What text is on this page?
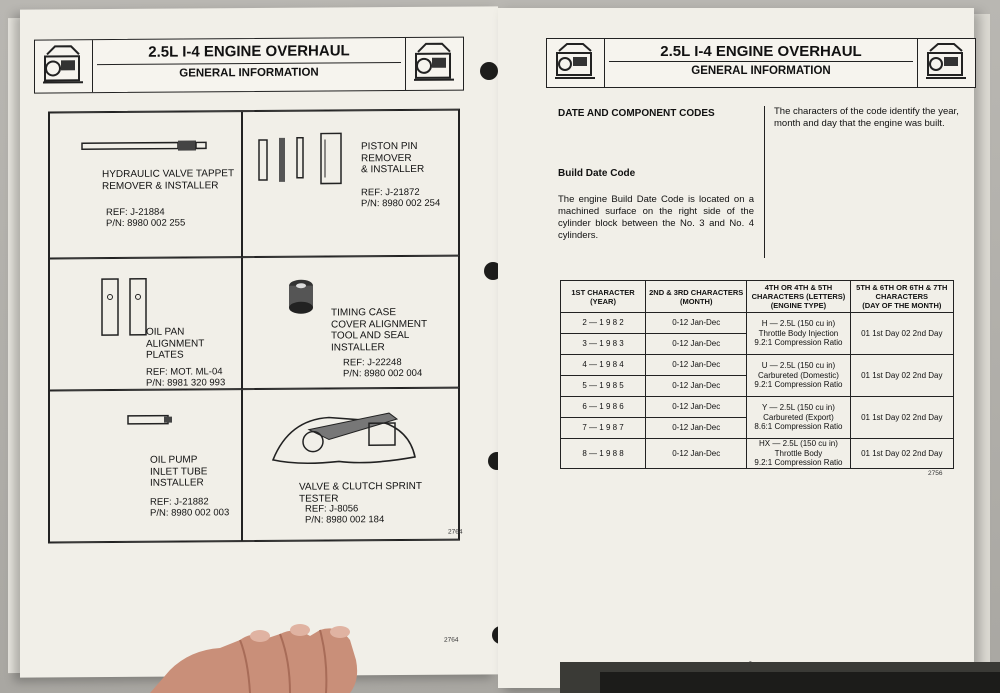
2.5L I-4 ENGINE OVERHAUL
GENERAL INFORMATION
HYDRAULIC VALVE TAPPET
REMOVER & INSTALLER
REF: J-21884
P/N: 8980 002 255
PISTON PIN
REMOVER
& INSTALLER
REF: J-21872
P/N: 8980 002 254
OIL PAN
ALIGNMENT
PLATES
REF: MOT. ML-04
P/N: 8981 320 993
TIMING CASE
COVER ALIGNMENT
TOOL AND SEAL
INSTALLER
REF: J-22248
P/N: 8980 002 004
OIL PUMP
INLET TUBE
INSTALLER
REF: J-21882
P/N: 8980 002 003
VALVE & CLUTCH SPRINT
TESTER
REF: J-8056
P/N: 8980 002 184
2764
2764
2.5L I-4 ENGINE OVERHAUL
GENERAL INFORMATION
DATE AND COMPONENT CODES
Build Date Code
The engine Build Date Code is located on a machined surface on the right side of the cylinder block between the No. 3 and No. 4 cylinders.
The characters of the code identify the year, month and day that the engine was built.
1ST CHARACTER
(YEAR)	2ND & 3RD CHARACTERS
(MONTH)	4TH OR 4TH & 5TH
CHARACTERS (LETTERS)
(ENGINE TYPE)	5TH & 6TH OR 6TH & 7TH
CHARACTERS
(DAY OF THE MONTH)
2 — 1 9 8 2	0-12 Jan-Dec	H — 2.5L (150 cu in)
Throttle Body Injection
9.2:1 Compression Ratio	01 1st Day 02 2nd Day
3 — 1 9 8 3	0-12 Jan-Dec		
4 — 1 9 8 4	0-12 Jan-Dec	U — 2.5L (150 cu in)
Carbureted (Domestic)
9.2:1 Compression Ratio	01 1st Day 02 2nd Day
5 — 1 9 8 5	0-12 Jan-Dec		
6 — 1 9 8 6	0-12 Jan-Dec	Y — 2.5L (150 cu in)
Carbureted (Export)
8.6:1 Compression Ratio	01 1st Day 02 2nd Day
7 — 1 9 8 7	0-12 Jan-Dec		
8 — 1 9 8 8	0-12 Jan-Dec	HX — 2.5L (150 cu in)
Throttle Body
9.2:1 Compression Ratio	01 1st Day 02 2nd Day
2756
